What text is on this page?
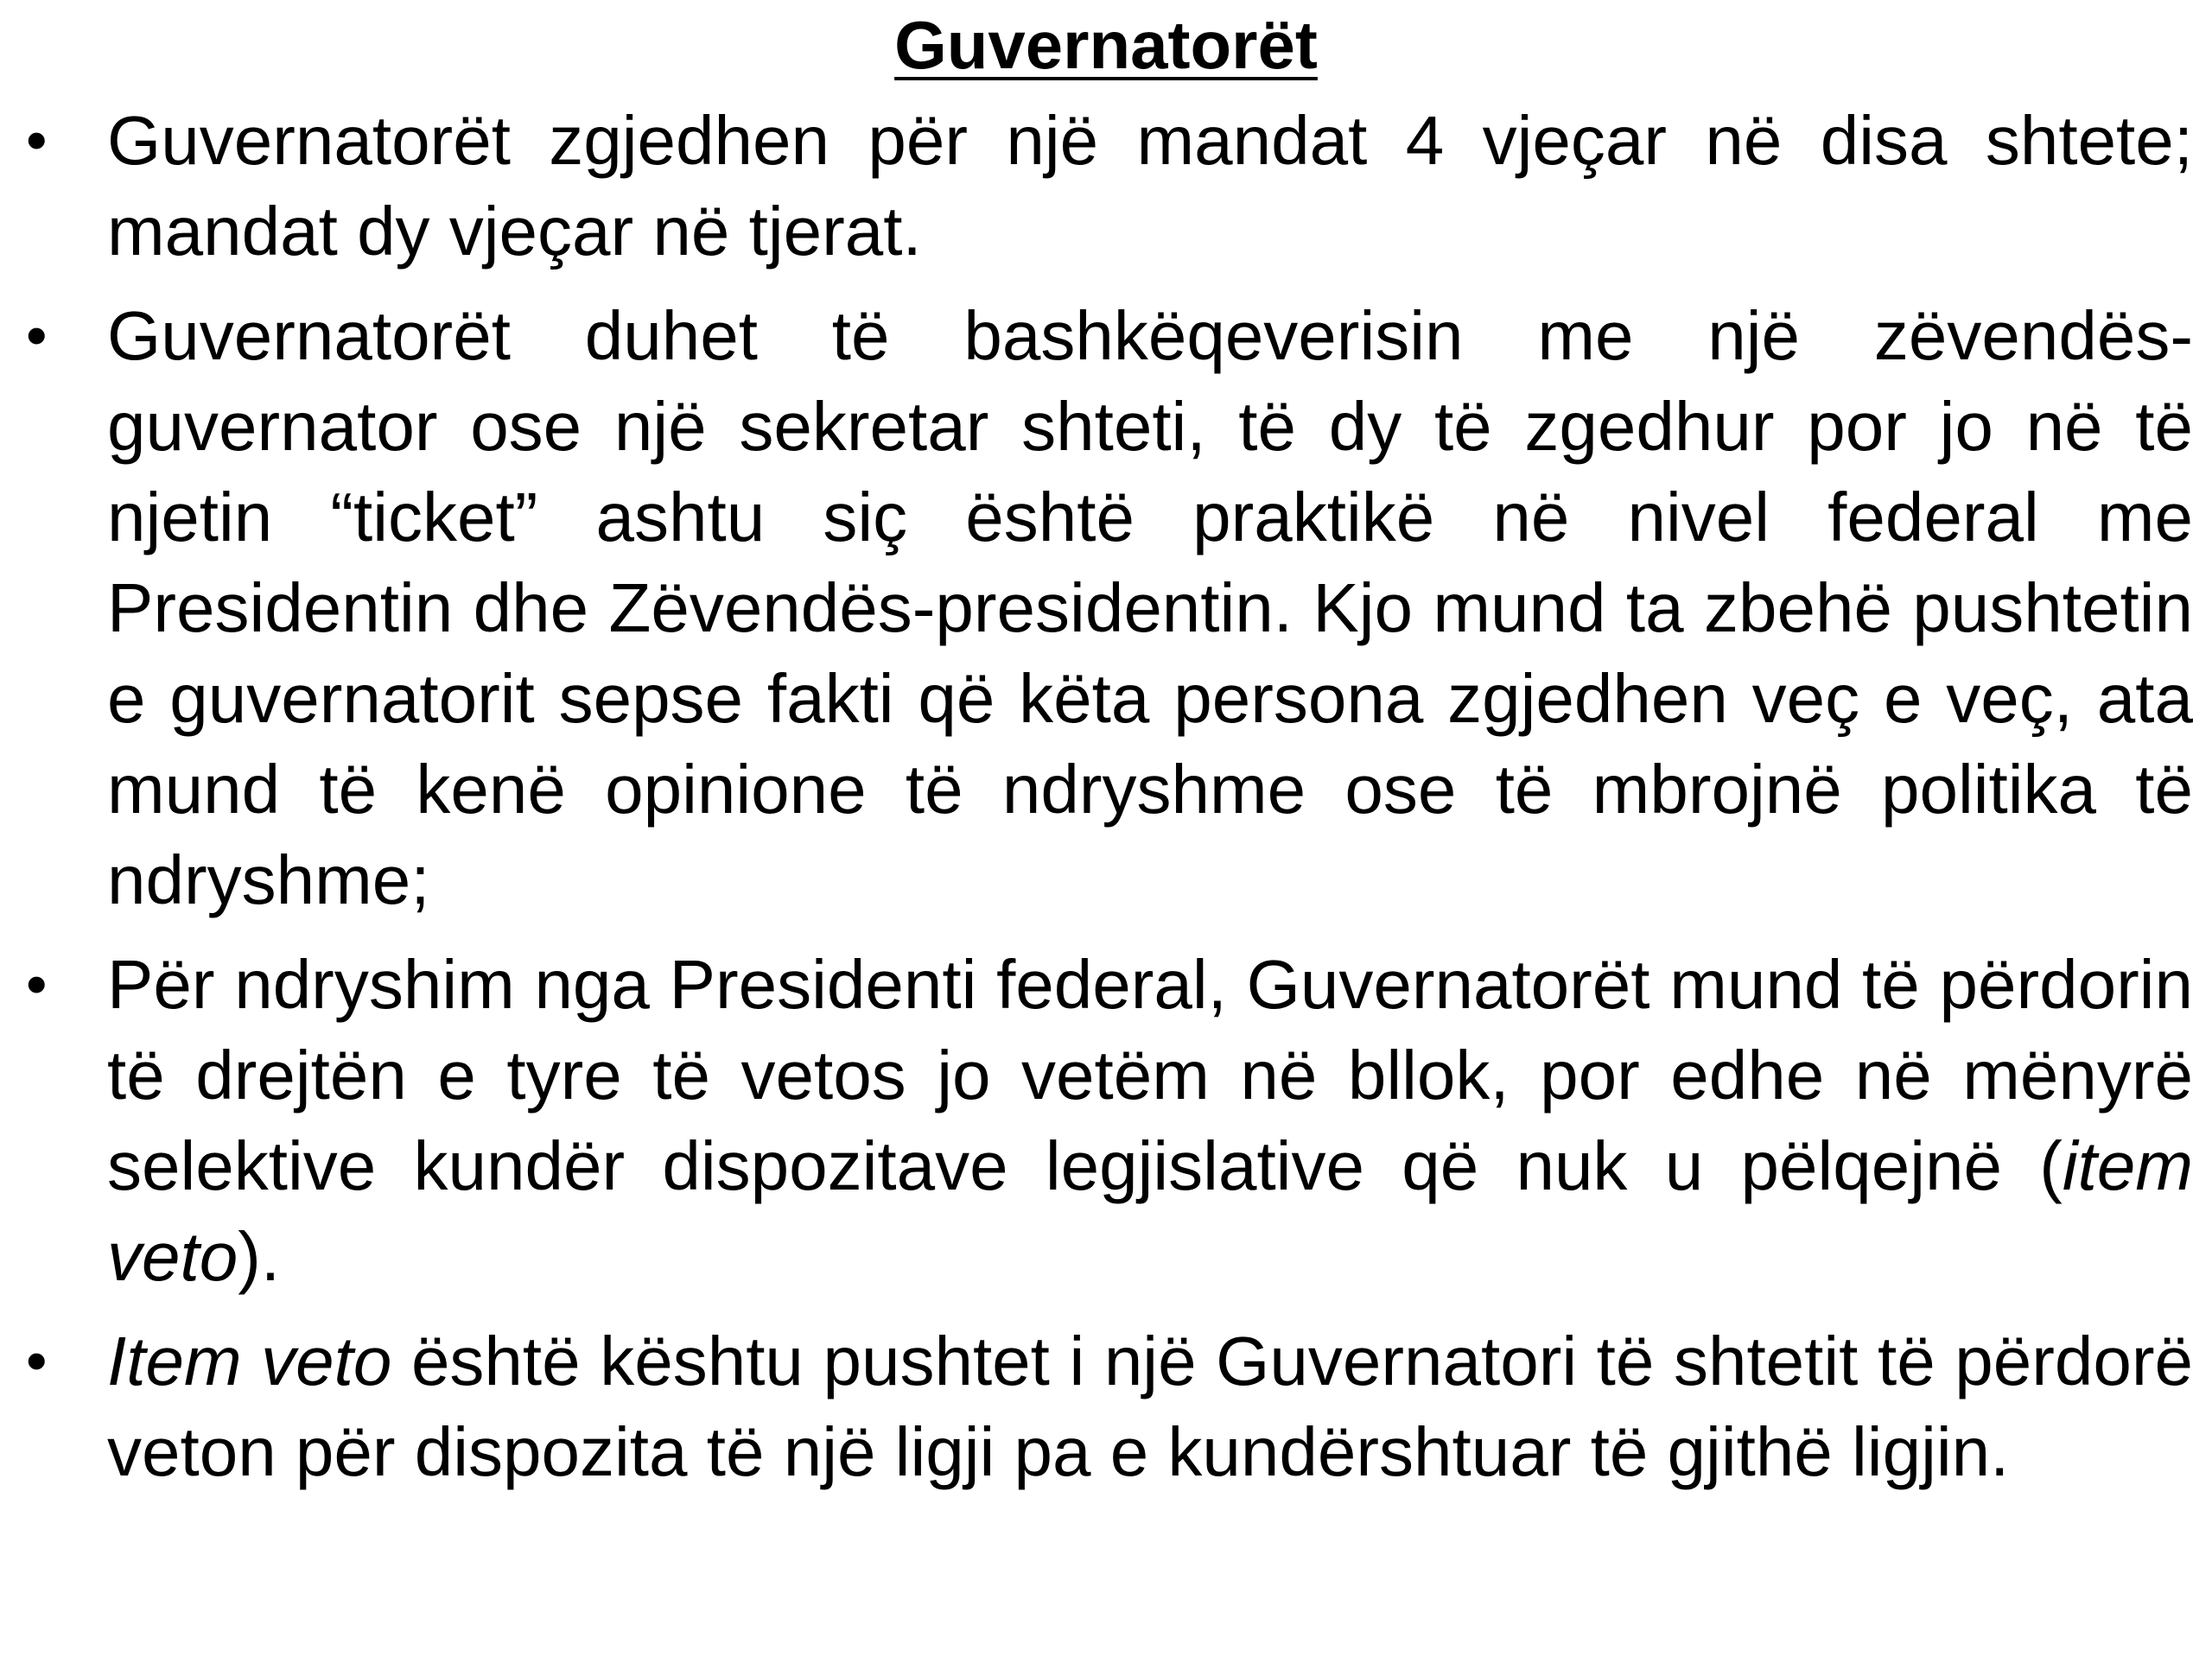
Guvernatorët
• Guvernatorët zgjedhen për një mandat 4 vjeçar në disa shtete; mandat dy vjeçar në tjerat.
• Guvernatorët duhet të bashkëqeverisin me një zëvendës-guvernator ose një sekretar shteti, të dy të zgedhur por jo në të njetin “ticket” ashtu siç është praktikë në nivel federal me Presidentin dhe Zëvendës-presidentin. Kjo mund ta zbehë pushtetin e guvernatorit sepse fakti që këta persona zgjedhen veç e veç, ata mund të kenë opinione të ndryshme ose të mbrojnë politika të ndryshme;
• Për ndryshim nga Presidenti federal, Guvernatorët mund të përdorin të drejtën e tyre të vetos jo vetëm në bllok, por edhe në mënyrë selektive kundër dispozitave legjislative që nuk u pëlqejnë (item veto).
• Item veto është kështu pushtet i një Guvernatori të shtetit të përdorë veton për dispozita të një ligji pa e kundërshtuar të gjithë ligjin.
